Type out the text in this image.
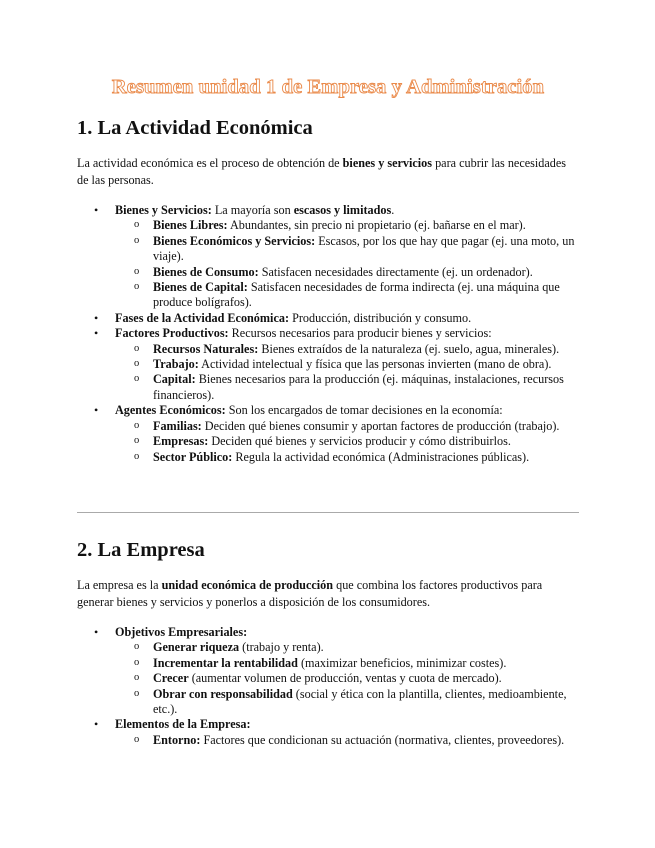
Resumen unidad 1 de Empresa y Administración
1. La Actividad Económica

La actividad económica es el proceso de obtención de bienes y servicios para cubrir las necesidades de las personas.

• Bienes y Servicios: La mayoría son escasos y limitados.
o Bienes Libres: Abundantes, sin precio ni propietario (ej. bañarse en el mar).
o Bienes Económicos y Servicios: Escasos, por los que hay que pagar (ej. una moto, un viaje).
o Bienes de Consumo: Satisfacen necesidades directamente (ej. un ordenador).
o Bienes de Capital: Satisfacen necesidades de forma indirecta (ej. una máquina que produce bolígrafos).
• Fases de la Actividad Económica: Producción, distribución y consumo.
• Factores Productivos: Recursos necesarios para producir bienes y servicios:
o Recursos Naturales: Bienes extraídos de la naturaleza (ej. suelo, agua, minerales).
o Trabajo: Actividad intelectual y física que las personas invierten (mano de obra).
o Capital: Bienes necesarios para la producción (ej. máquinas, instalaciones, recursos financieros).
• Agentes Económicos: Son los encargados de tomar decisiones en la economía:
o Familias: Deciden qué bienes consumir y aportan factores de producción (trabajo).
o Empresas: Deciden qué bienes y servicios producir y cómo distribuirlos.
o Sector Público: Regula la actividad económica (Administraciones públicas).
2. La Empresa

La empresa es la unidad económica de producción que combina los factores productivos para generar bienes y servicios y ponerlos a disposición de los consumidores.

• Objetivos Empresariales:
o Generar riqueza (trabajo y renta).
o Incrementar la rentabilidad (maximizar beneficios, minimizar costes).
o Crecer (aumentar volumen de producción, ventas y cuota de mercado).
o Obrar con responsabilidad (social y ética con la plantilla, clientes, medioambiente, etc.).
• Elementos de la Empresa:
o Entorno: Factores que condicionan su actuación (normativa, clientes, proveedores).
